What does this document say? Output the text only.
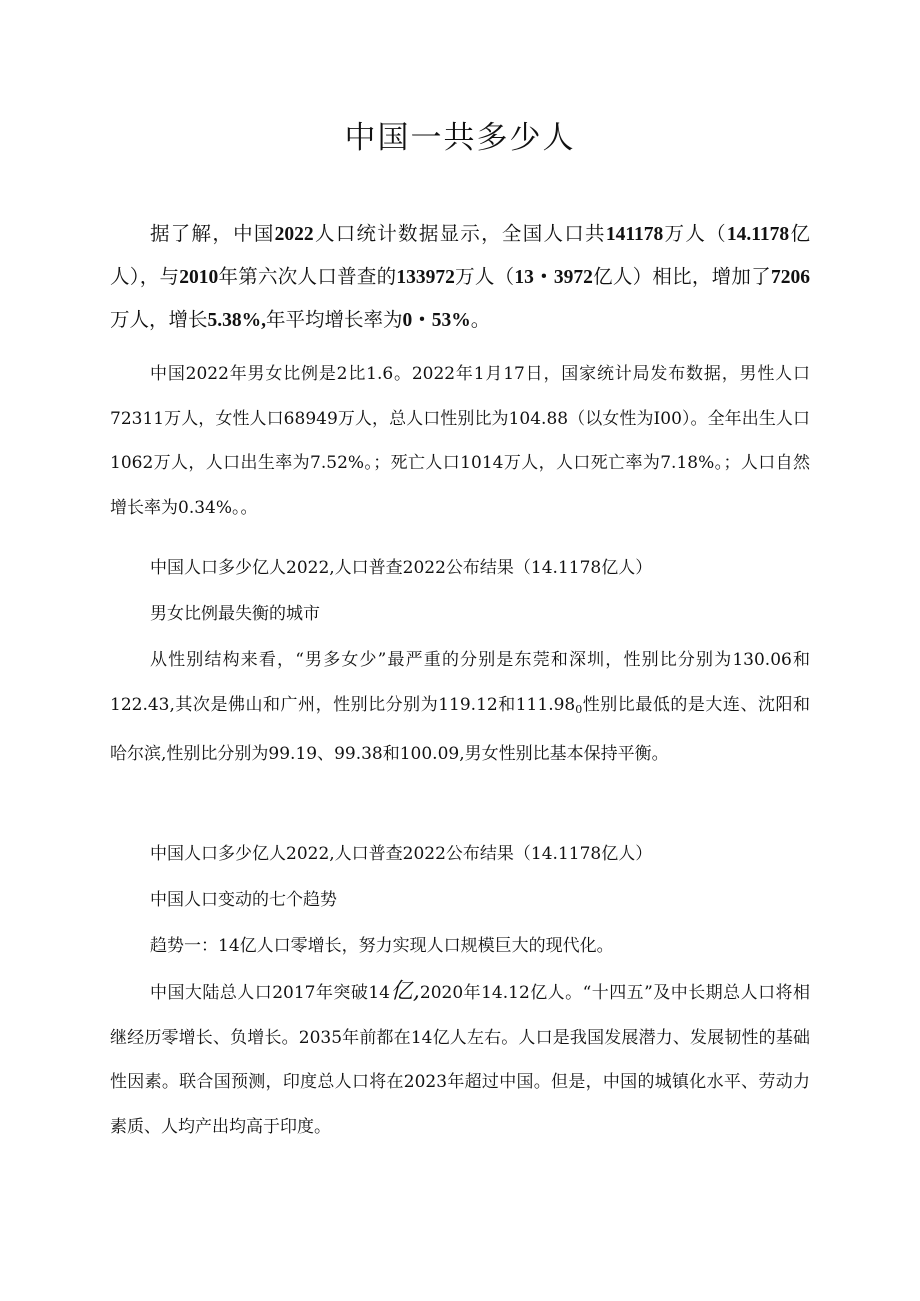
中国一共多少人

据了解，中国2022人口统计数据显示，全国人口共141178万人（14.1178亿人），与2010年第六次人口普查的133972万人（13・3972亿人）相比，增加了7206万人，增长5.38%,年平均增长率为0・53%。

中国2022年男女比例是2比1.6。2022年1月17日，国家统计局发布数据，男性人口72311万人，女性人口68949万人，总人口性别比为104.88（以女性为I00）。全年出生人口1062万人，人口出生率为7.52%。；死亡人口1014万人，人口死亡率为7.18%。；人口自然增长率为0.34%。。

中国人口多少亿人2022,人口普查2022公布结果（14.1178亿人）

男女比例最失衡的城市

从性别结构来看，“男多女少”最严重的分别是东莞和深圳，性别比分别为130.06和122.43,其次是佛山和广州，性别比分别为119.12和$111.98_0$性别比最低的是大连、沈阳和哈尔滨,性别比分别为99.19、99.38和100.09,男女性别比基本保持平衡。

中国人口多少亿人2022,人口普查2022公布结果（14.1178亿人）

中国人口变动的七个趋势

趋势一：14亿人口零增长，努力实现人口规模巨大的现代化。

中国大陆总人口2017年突破14亿,2020年14.12亿人。“十四五”及中长期总人口将相继经历零增长、负增长。2035年前都在14亿人左右。人口是我国发展潜力、发展韧性的基础性因素。联合国预测，印度总人口将在2023年超过中国。但是，中国的城镇化水平、劳动力素质、人均产出均高于印度。
